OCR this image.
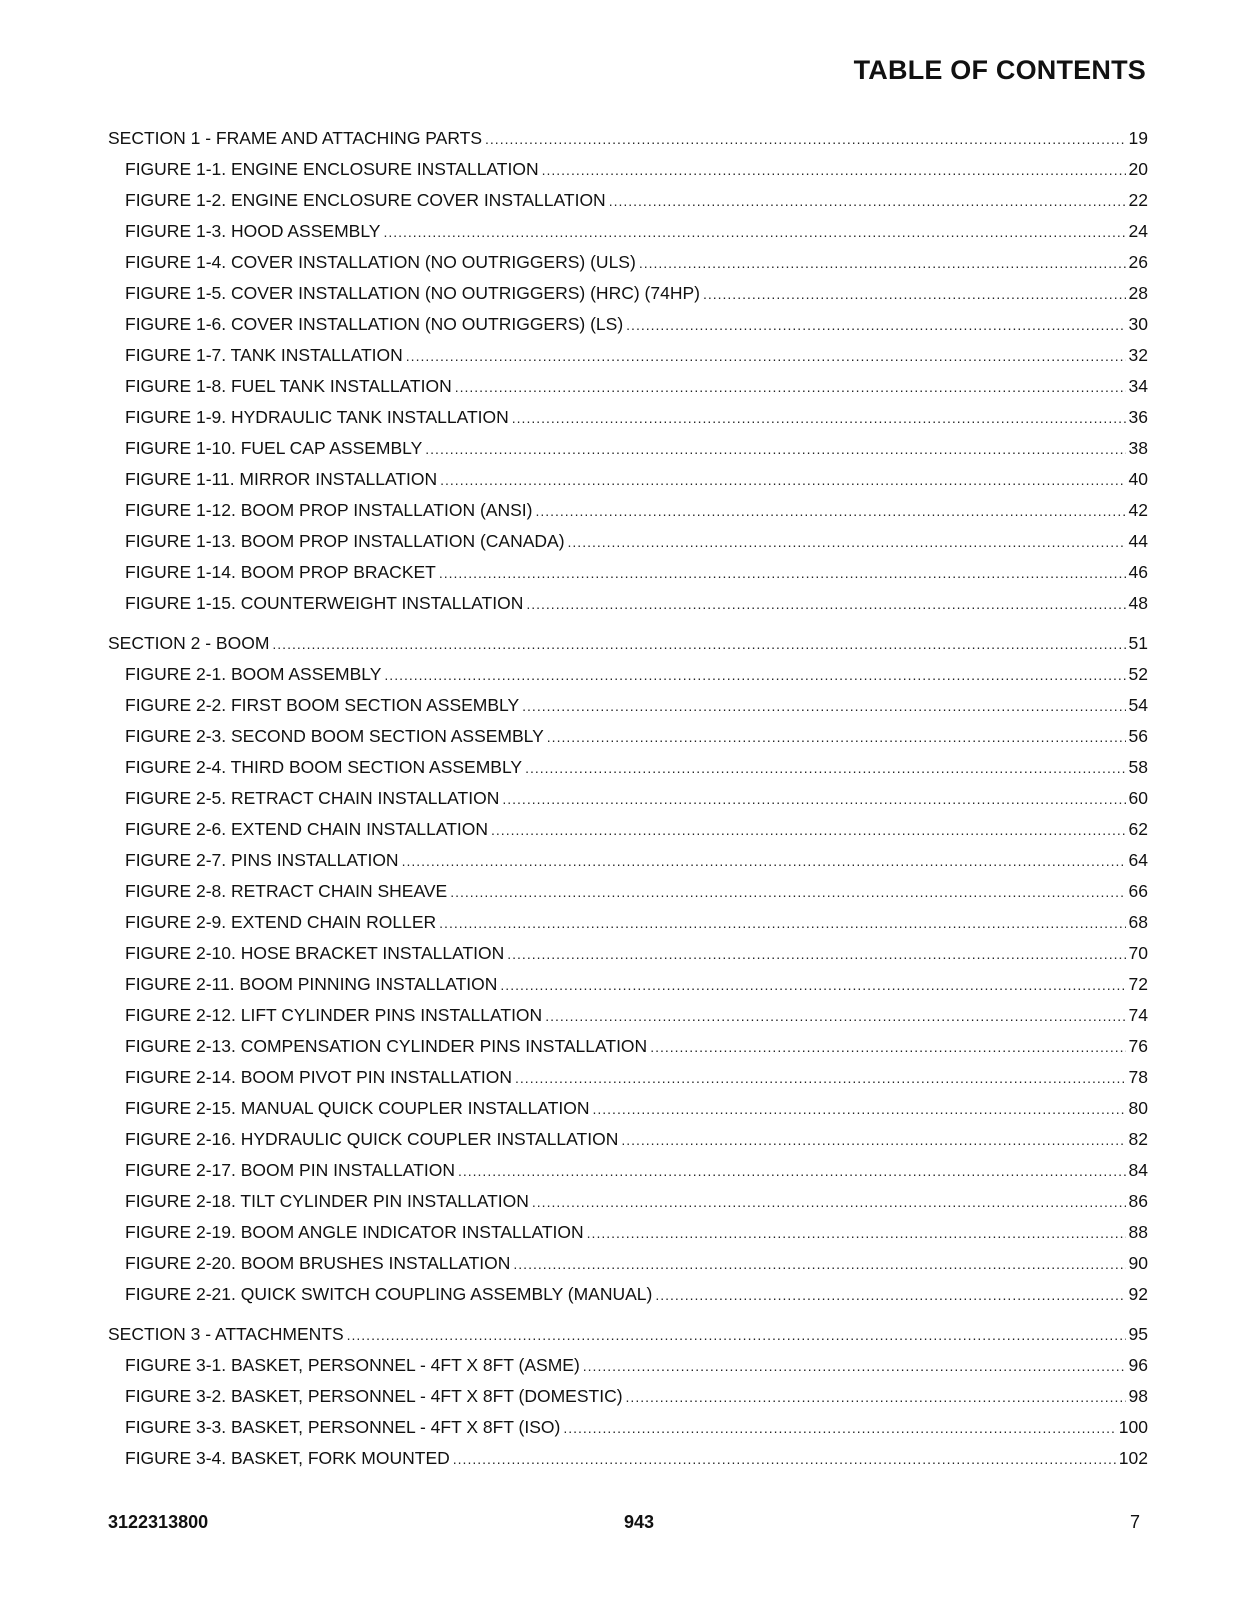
TABLE OF CONTENTS
SECTION 1 - FRAME AND ATTACHING PARTS .....	19
FIGURE 1-1. ENGINE ENCLOSURE INSTALLATION .....	20
FIGURE 1-2. ENGINE ENCLOSURE COVER INSTALLATION .....	22
FIGURE 1-3. HOOD ASSEMBLY .....	24
FIGURE 1-4. COVER INSTALLATION (NO OUTRIGGERS) (ULS) .....	26
FIGURE 1-5. COVER INSTALLATION (NO OUTRIGGERS) (HRC) (74HP) .....	28
FIGURE 1-6. COVER INSTALLATION (NO OUTRIGGERS) (LS) .....	30
FIGURE 1-7. TANK INSTALLATION .....	32
FIGURE 1-8. FUEL TANK INSTALLATION .....	34
FIGURE 1-9. HYDRAULIC TANK INSTALLATION .....	36
FIGURE 1-10. FUEL CAP ASSEMBLY .....	38
FIGURE 1-11. MIRROR INSTALLATION .....	40
FIGURE 1-12. BOOM PROP INSTALLATION (ANSI) .....	42
FIGURE 1-13. BOOM PROP INSTALLATION (CANADA) .....	44
FIGURE 1-14. BOOM PROP BRACKET .....	46
FIGURE 1-15. COUNTERWEIGHT INSTALLATION .....	48
SECTION 2 - BOOM .....	51
FIGURE 2-1. BOOM ASSEMBLY .....	52
FIGURE 2-2. FIRST BOOM SECTION ASSEMBLY .....	54
FIGURE 2-3. SECOND BOOM SECTION ASSEMBLY .....	56
FIGURE 2-4. THIRD BOOM SECTION ASSEMBLY .....	58
FIGURE 2-5. RETRACT CHAIN INSTALLATION .....	60
FIGURE 2-6. EXTEND CHAIN INSTALLATION .....	62
FIGURE 2-7. PINS INSTALLATION .....	64
FIGURE 2-8. RETRACT CHAIN SHEAVE .....	66
FIGURE 2-9. EXTEND CHAIN ROLLER .....	68
FIGURE 2-10. HOSE BRACKET INSTALLATION .....	70
FIGURE 2-11. BOOM PINNING INSTALLATION .....	72
FIGURE 2-12. LIFT CYLINDER PINS INSTALLATION .....	74
FIGURE 2-13. COMPENSATION CYLINDER PINS INSTALLATION .....	76
FIGURE 2-14. BOOM PIVOT PIN INSTALLATION .....	78
FIGURE 2-15. MANUAL QUICK COUPLER INSTALLATION .....	80
FIGURE 2-16. HYDRAULIC QUICK COUPLER INSTALLATION .....	82
FIGURE 2-17. BOOM PIN INSTALLATION .....	84
FIGURE 2-18. TILT CYLINDER PIN INSTALLATION .....	86
FIGURE 2-19. BOOM ANGLE INDICATOR INSTALLATION .....	88
FIGURE 2-20. BOOM BRUSHES INSTALLATION .....	90
FIGURE 2-21. QUICK SWITCH COUPLING ASSEMBLY (MANUAL) .....	92
SECTION 3 - ATTACHMENTS .....	95
FIGURE 3-1. BASKET, PERSONNEL - 4FT X 8FT (ASME) .....	96
FIGURE 3-2. BASKET, PERSONNEL - 4FT X 8FT (DOMESTIC) .....	98
FIGURE 3-3. BASKET, PERSONNEL - 4FT X 8FT (ISO) .....	100
FIGURE 3-4. BASKET, FORK MOUNTED .....	102
3122313800	943	7
